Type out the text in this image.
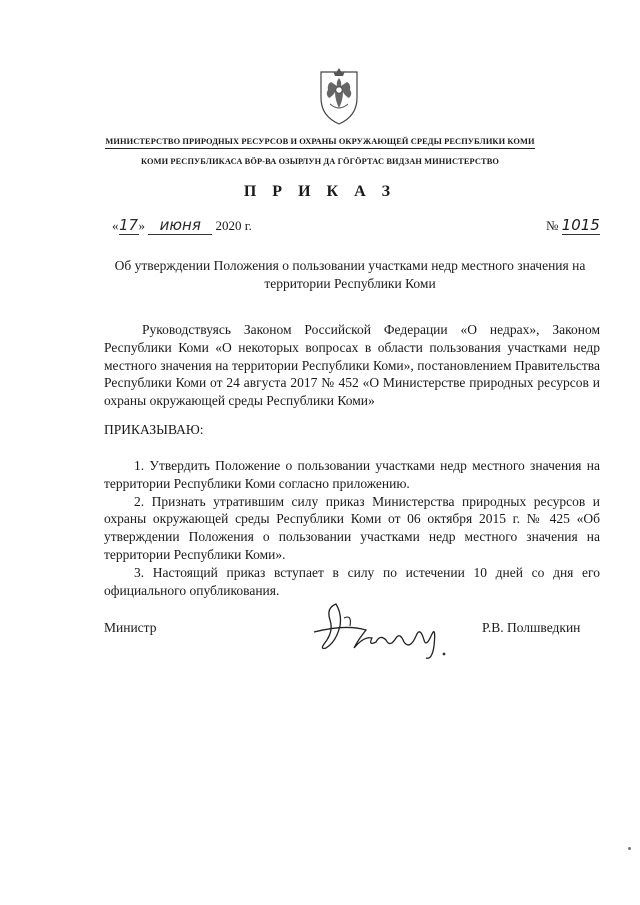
МИНИСТЕРСТВО ПРИРОДНЫХ РЕСУРСОВ И ОХРАНЫ ОКРУЖАЮЩЕЙ СРЕДЫ РЕСПУБЛИКИ КОМИ
КОМИ РЕСПУБЛИКАСА ВÖР-ВА ОЗЫРЛУН ДА ГÖГÖРТАС ВИДЗАН МИНИСТЕРСТВО
П Р И К А З
«17» июня 2020 г.	№ 1015
Об утверждении Положения о пользовании участками недр местного значения на территории Республики Коми

Руководствуясь Законом Российской Федерации «О недрах», Законом Республики Коми «О некоторых вопросах в области пользования участками недр местного значения на территории Республики Коми», постановлением Правительства Республики Коми от 24 августа 2017 № 452 «О Министерстве природных ресурсов и охраны окружающей среды Республики Коми»

ПРИКАЗЫВАЮ:

1. Утвердить Положение о пользовании участками недр местного значения на территории Республики Коми согласно приложению.

2. Признать утратившим силу приказ Министерства природных ресурсов и охраны окружающей среды Республики Коми от 06 октября 2015 г. № 425 «Об утверждении Положения о пользовании участками недр местного значения на территории Республики Коми».

3. Настоящий приказ вступает в силу по истечении 10 дней со дня его официального опубликования.

Министр	Р.В. Полшведкин
